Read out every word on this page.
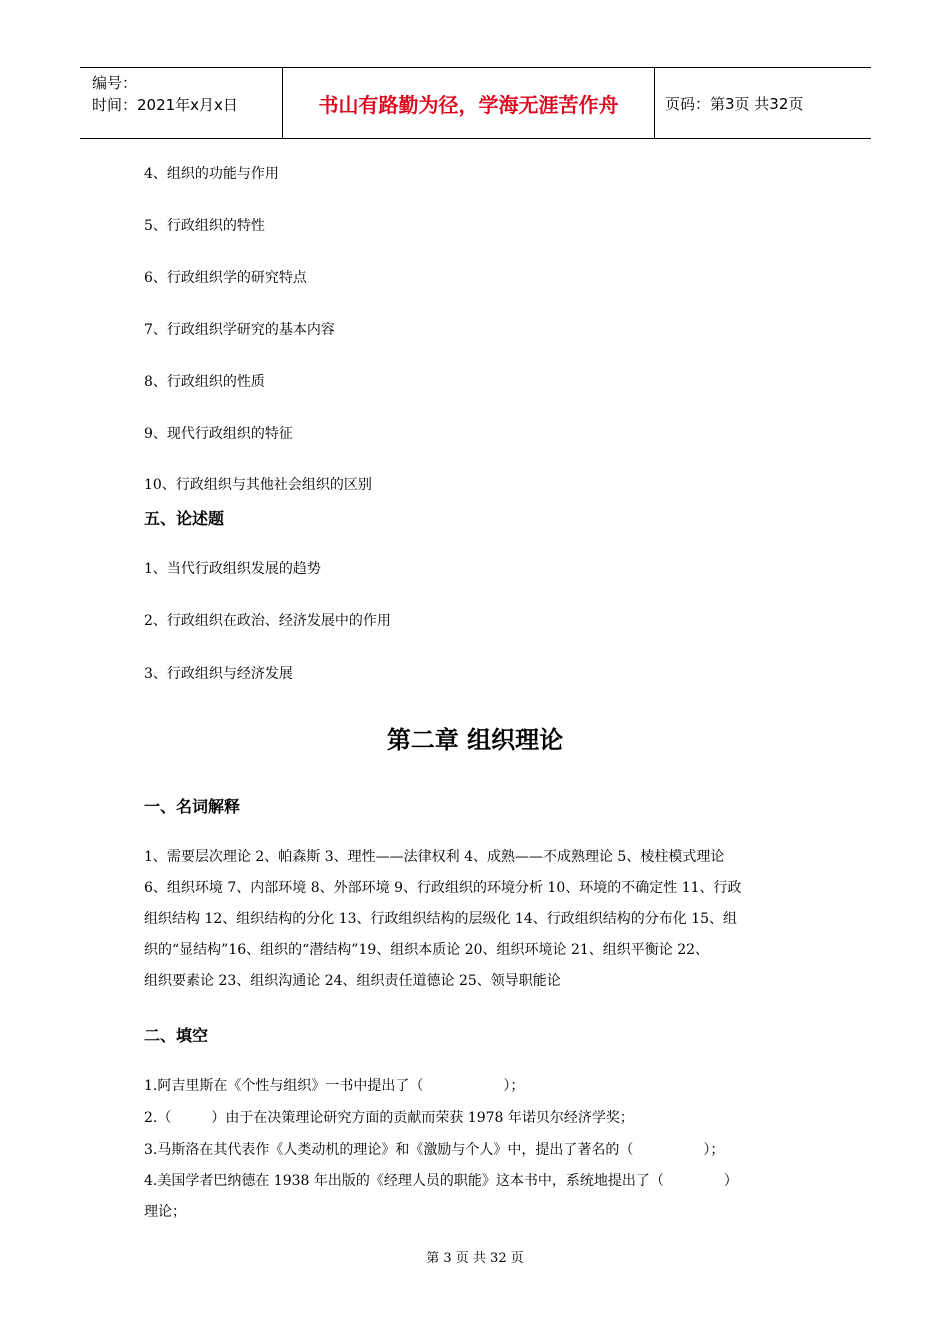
编号：
时间：2021年x月x日	书山有路勤为径，学海无涯苦作舟	页码：第3页 共32页
4、组织的功能与作用
5、行政组织的特性
6、行政组织学的研究特点
7、行政组织学研究的基本内容
8、行政组织的性质
9、现代行政组织的特征
10、行政组织与其他社会组织的区别
五、论述题
1、当代行政组织发展的趋势
2、行政组织在政治、经济发展中的作用
3、行政组织与经济发展
第二章 组织理论
一、名词解释
1、需要层次理论 2、帕森斯 3、理性——法律权利 4、成熟——不成熟理论 5、棱柱模式理论
6、组织环境 7、内部环境 8、外部环境 9、行政组织的环境分析 10、环境的不确定性 11、行政
组织结构 12、组织结构的分化 13、行政组织结构的层级化 14、行政组织结构的分布化 15、组
织的“显结构”16、组织的“潜结构”19、组织本质论 20、组织环境论 21、组织平衡论 22、
组织要素论 23、组织沟通论 24、组织责任道德论 25、领导职能论
二、填空
1.阿吉里斯在《个性与组织》一书中提出了（	）；
2.（	）由于在决策理论研究方面的贡献而荣获 1978 年诺贝尔经济学奖；
3.马斯洛在其代表作《人类动机的理论》和《激励与个人》中，提出了著名的（	）；
4.美国学者巴纳德在 1938 年出版的《经理人员的职能》这本书中，系统地提出了（	）
理论；
第 3 页 共 32 页
